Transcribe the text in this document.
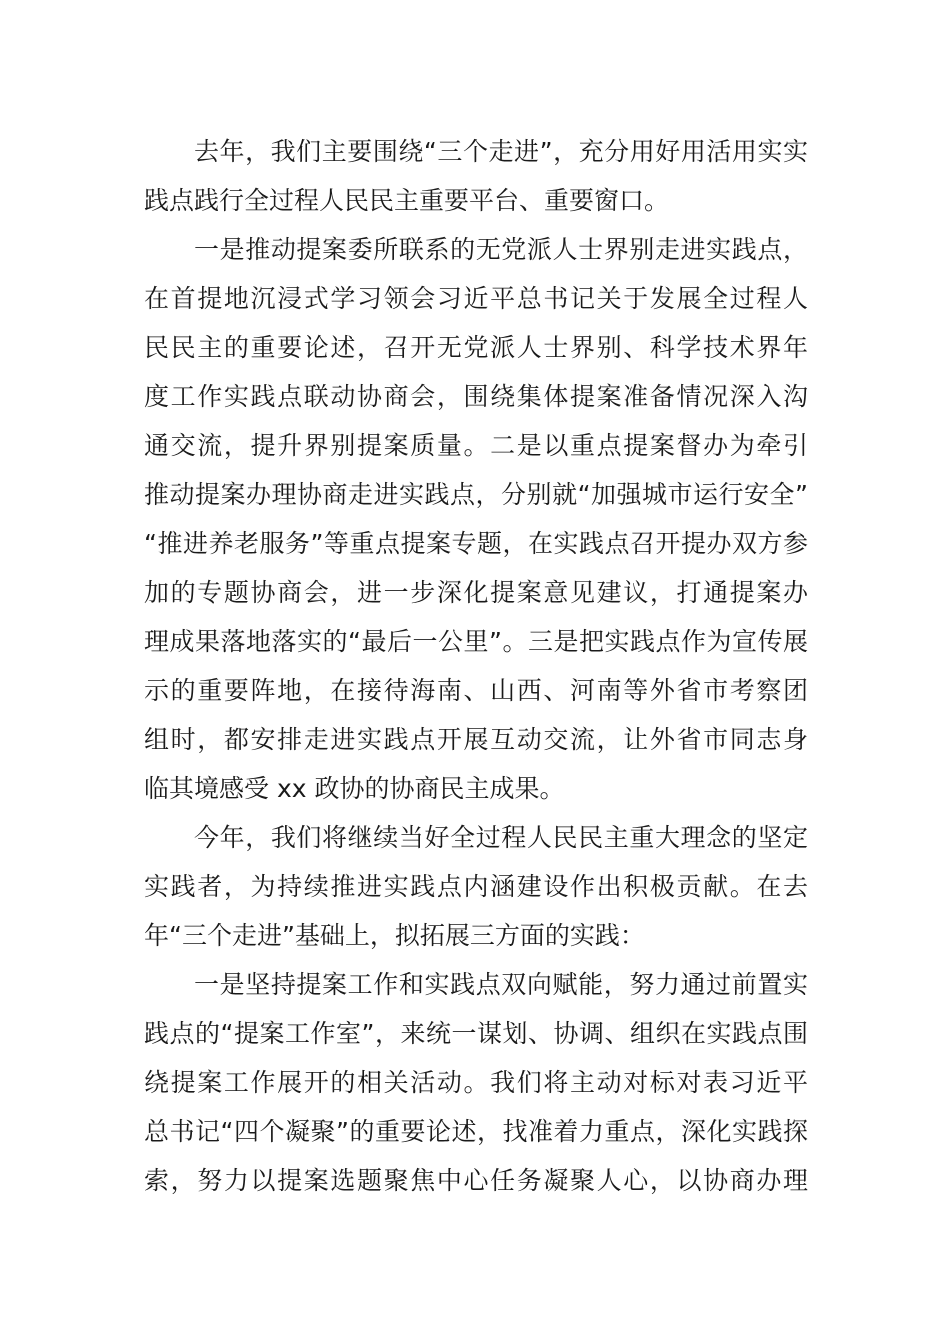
去年，我们主要围绕“三个走进”，充分用好用活用实实
践点践行全过程人民民主重要平台、重要窗口。

一是推动提案委所联系的无党派人士界别走进实践点，
在首提地沉浸式学习领会习近平总书记关于发展全过程人
民民主的重要论述，召开无党派人士界别、科学技术界年
度工作实践点联动协商会，围绕集体提案准备情况深入沟
通交流，提升界别提案质量。二是以重点提案督办为牵引
推动提案办理协商走进实践点，分别就“加强城市运行安全”
“推进养老服务”等重点提案专题，在实践点召开提办双方参
加的专题协商会，进一步深化提案意见建议，打通提案办
理成果落地落实的“最后一公里”。三是把实践点作为宣传展
示的重要阵地，在接待海南、山西、河南等外省市考察团
组时，都安排走进实践点开展互动交流，让外省市同志身
临其境感受 xx 政协的协商民主成果。

今年，我们将继续当好全过程人民民主重大理念的坚定
实践者，为持续推进实践点内涵建设作出积极贡献。在去
年“三个走进”基础上，拟拓展三方面的实践：

一是坚持提案工作和实践点双向赋能，努力通过前置实
践点的“提案工作室”，来统一谋划、协调、组织在实践点围
绕提案工作展开的相关活动。我们将主动对标对表习近平
总书记“四个凝聚”的重要论述，找准着力重点，深化实践探
索，努力以提案选题聚焦中心任务凝聚人心，以协商办理
